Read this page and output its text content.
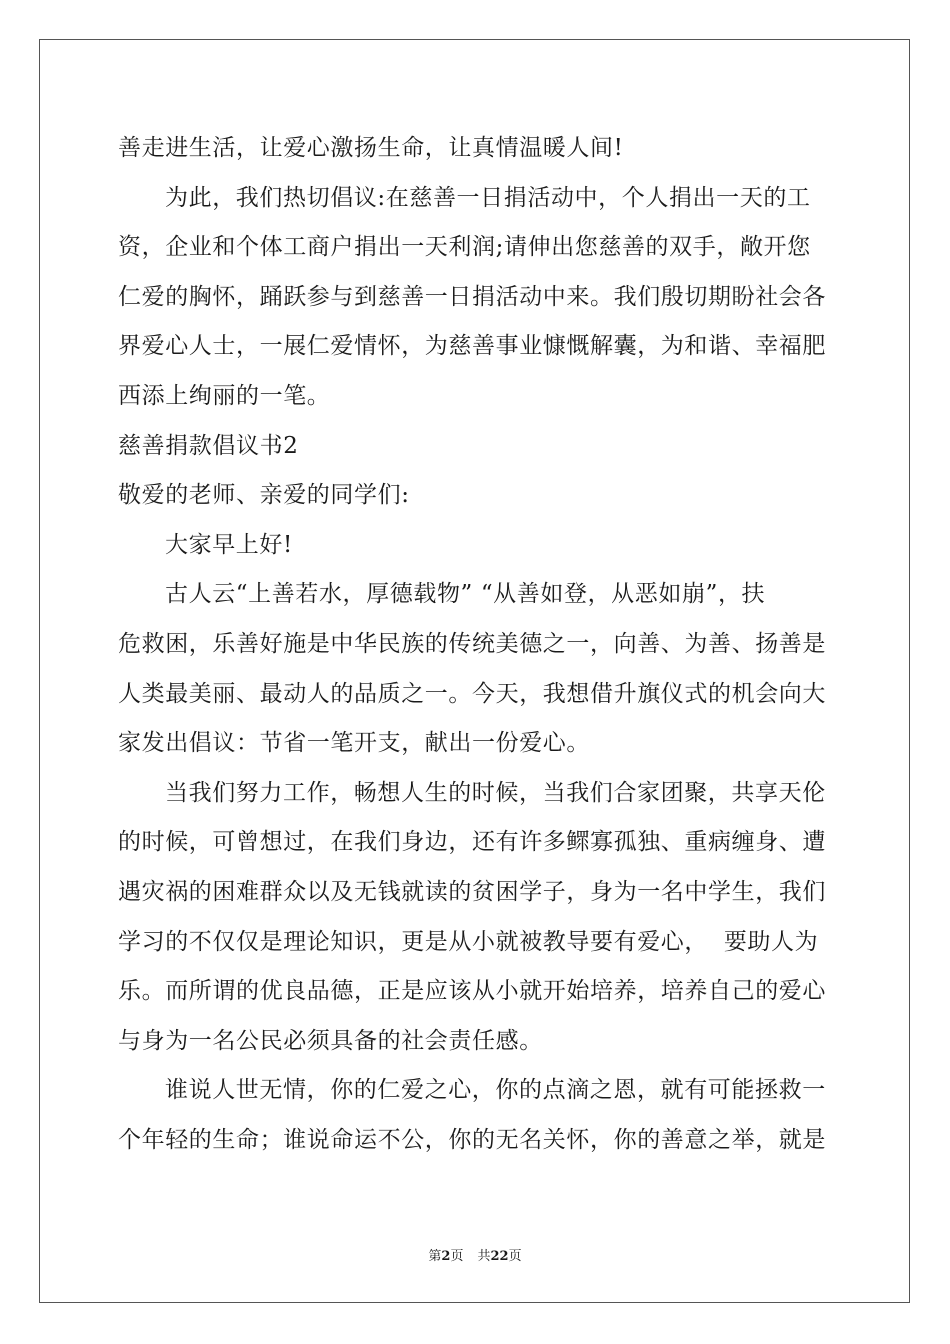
善走进生活，让爱心激扬生命，让真情温暖人间!
为此，我们热切倡议:在慈善一日捐活动中，个人捐出一天的工
资，企业和个体工商户捐出一天利润;请伸出您慈善的双手，敞开您
仁爱的胸怀，踊跃参与到慈善一日捐活动中来。我们殷切期盼社会各
界爱心人士，一展仁爱情怀，为慈善事业慷慨解囊，为和谐、幸福肥
西添上绚丽的一笔。
慈善捐款倡议书2
敬爱的老师、亲爱的同学们:
大家早上好!
古人云“上善若水，厚德载物” “从善如登，从恶如崩”，扶
危救困，乐善好施是中华民族的传统美德之一，向善、为善、扬善是
人类最美丽、最动人的品质之一。今天，我想借升旗仪式的机会向大
家发出倡议：节省一笔开支，献出一份爱心。
当我们努力工作，畅想人生的时候，当我们合家团聚，共享天伦
的时候，可曾想过，在我们身边，还有许多鳏寡孤独、重病缠身、遭
遇灾祸的困难群众以及无钱就读的贫困学子，身为一名中学生，我们
学习的不仅仅是理论知识，更是从小就被教导要有爱心，  要助人为
乐。而所谓的优良品德，正是应该从小就开始培养，培养自己的爱心
与身为一名公民必须具备的社会责任感。
谁说人世无情，你的仁爱之心，你的点滴之恩，就有可能拯救一
个年轻的生命；谁说命运不公，你的无名关怀，你的善意之举，就是
第2页 共22页
